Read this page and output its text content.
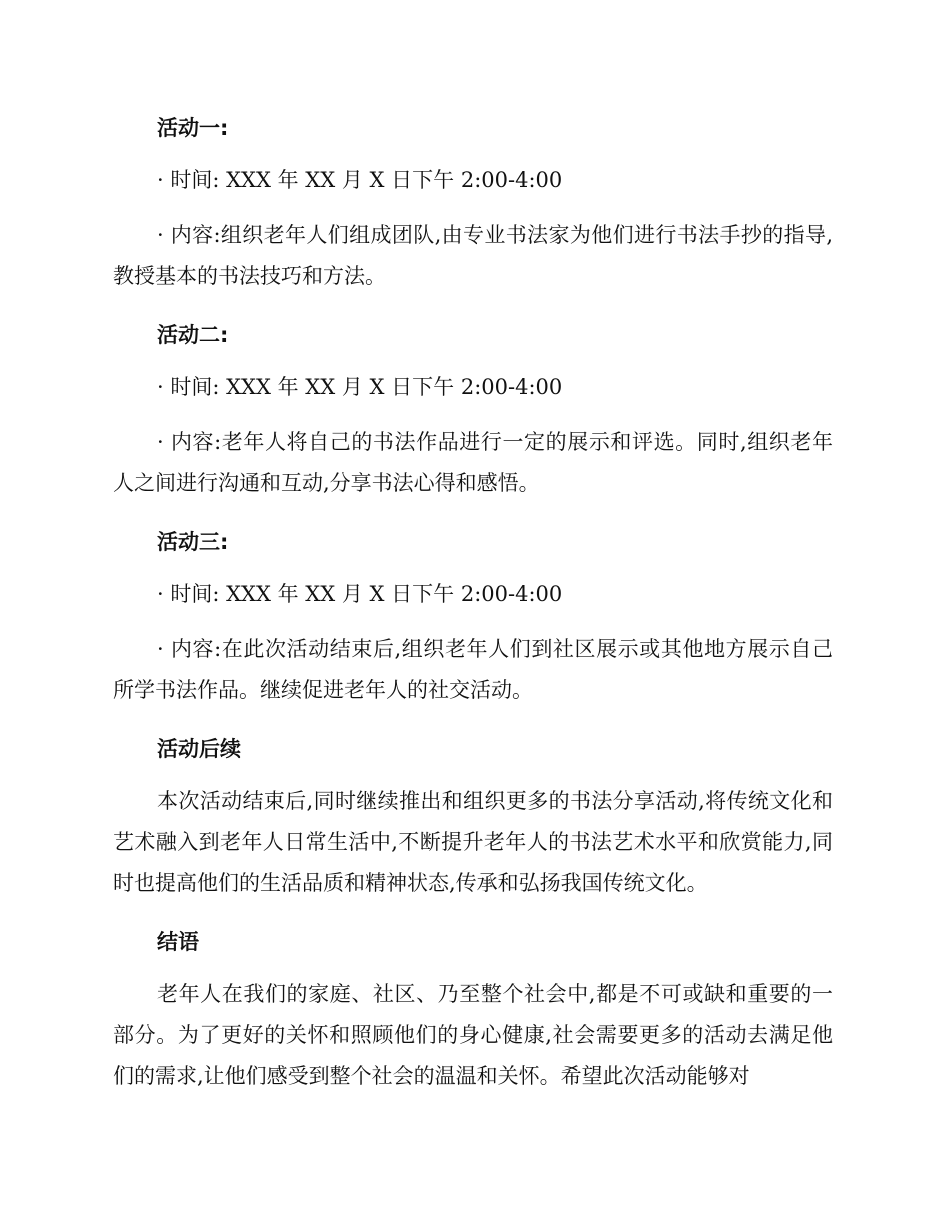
活动一:
· 时间: XXX 年 XX 月 X 日下午 2:00-4:00

· 内容:组织老年人们组成团队,由专业书法家为他们进行书法手抄的指导,教授基本的书法技巧和方法。

活动二:
· 时间: XXX 年 XX 月 X 日下午 2:00-4:00

· 内容:老年人将自己的书法作品进行一定的展示和评选。同时,组织老年人之间进行沟通和互动,分享书法心得和感悟。

活动三:
· 时间: XXX 年 XX 月 X 日下午 2:00-4:00

· 内容:在此次活动结束后,组织老年人们到社区展示或其他地方展示自己所学书法作品。继续促进老年人的社交活动。

活动后续

本次活动结束后,同时继续推出和组织更多的书法分享活动,将传统文化和艺术融入到老年人日常生活中,不断提升老年人的书法艺术水平和欣赏能力,同时也提高他们的生活品质和精神状态,传承和弘扬我国传统文化。

结语

老年人在我们的家庭、社区、乃至整个社会中,都是不可或缺和重要的一部分。为了更好的关怀和照顾他们的身心健康,社会需要更多的活动去满足他们的需求,让他们感受到整个社会的温温和关怀。希望此次活动能够对
